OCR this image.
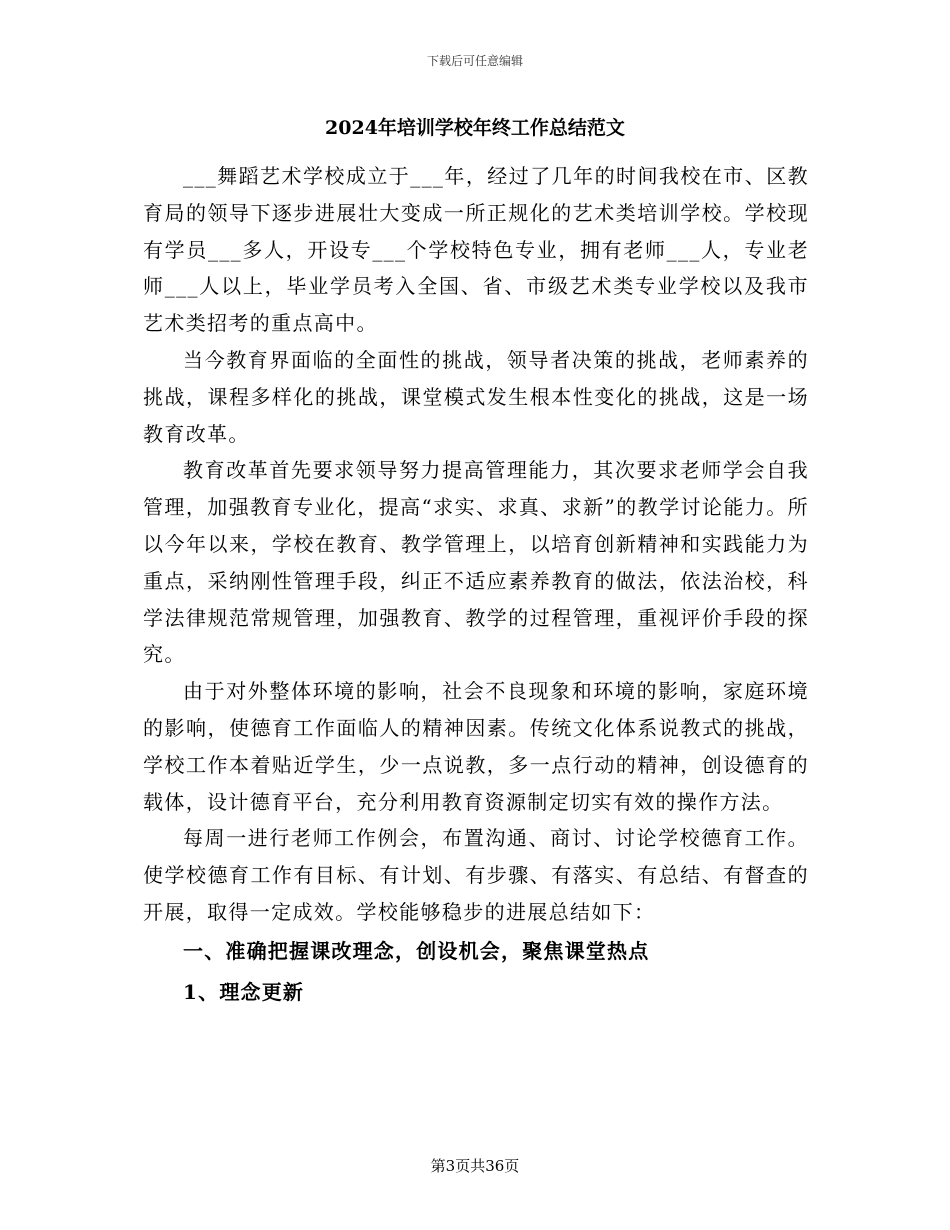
下载后可任意编辑
2024年培训学校年终工作总结范文

___舞蹈艺术学校成立于___年，经过了几年的时间我校在市、区教育局的领导下逐步进展壮大变成一所正规化的艺术类培训学校。学校现有学员___多人，开设专___个学校特色专业，拥有老师___人，专业老师___人以上，毕业学员考入全国、省、市级艺术类专业学校以及我市艺术类招考的重点高中。

当今教育界面临的全面性的挑战，领导者决策的挑战，老师素养的挑战，课程多样化的挑战，课堂模式发生根本性变化的挑战，这是一场教育改革。

教育改革首先要求领导努力提高管理能力，其次要求老师学会自我管理，加强教育专业化，提高“求实、求真、求新”的教学讨论能力。所以今年以来，学校在教育、教学管理上，以培育创新精神和实践能力为重点，采纳刚性管理手段，纠正不适应素养教育的做法，依法治校，科学法律规范常规管理，加强教育、教学的过程管理，重视评价手段的探究。

由于对外整体环境的影响，社会不良现象和环境的影响，家庭环境的影响，使德育工作面临人的精神因素。传统文化体系说教式的挑战，学校工作本着贴近学生，少一点说教，多一点行动的精神，创设德育的载体，设计德育平台，充分利用教育资源制定切实有效的操作方法。

每周一进行老师工作例会，布置沟通、商讨、讨论学校德育工作。使学校德育工作有目标、有计划、有步骤、有落实、有总结、有督查的开展，取得一定成效。学校能够稳步的进展总结如下：

一、准确把握课改理念，创设机会，聚焦课堂热点

1、理念更新

第3页共36页
